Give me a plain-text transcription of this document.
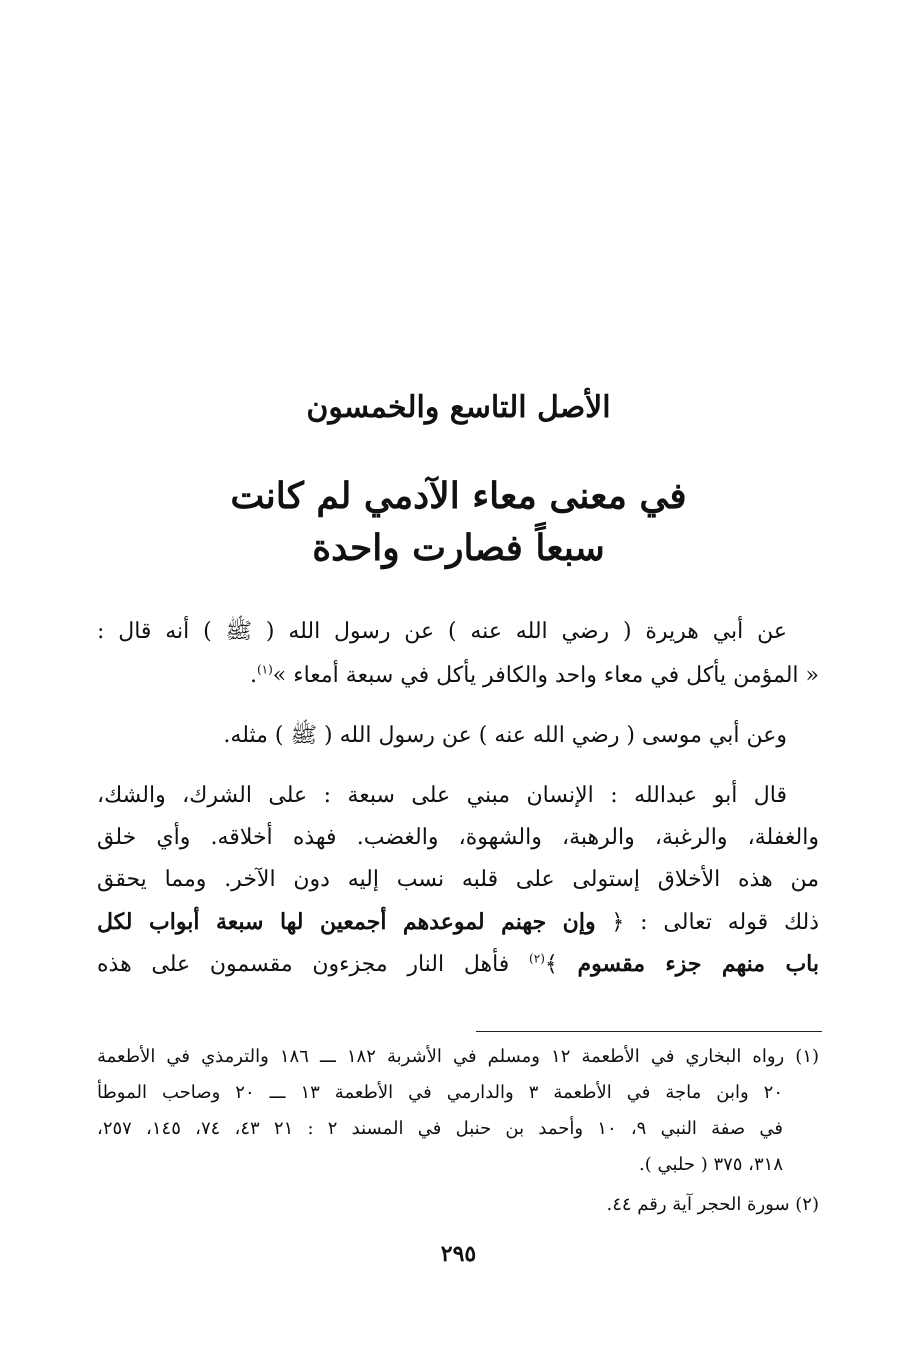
الأصل التاسع والخمسون
في معنى معاء الآدمي لم كانت
سبعاً فصارت واحدة
عن أبي هريرة ( رضي الله عنه ) عن رسول الله ( ﷺ ) أنه قال :
« المؤمن يأكل في معاء واحد والكافر يأكل في سبعة أمعاء »$^{(١)}$.
وعن أبي موسى ( رضي الله عنه ) عن رسول الله ( ﷺ ) مثله.
قال أبو عبدالله : الإنسان مبني على سبعة : على الشرك، والشك،
والغفلة، والرغبة، والرهبة، والشهوة، والغضب. فهذه أخلاقه. وأي خلق
من هذه الأخلاق إستولى على قلبه نسب إليه دون الآخر. ومما يحقق
ذلك قوله تعالى : ﴿ وإن جهنم لموعدهم أجمعين لها سبعة أبواب لكل
باب منهم جزء مقسوم ﴾$^{(٢)}$ فأهل النار مجزءون مقسمون على هذه
(١) رواه البخاري في الأطعمة ١٢ ومسلم في الأشربة ١٨٢ ـــ ١٨٦ والترمذي في الأطعمة
٢٠ وابن ماجة في الأطعمة ٣ والدارمي في الأطعمة ١٣ ـــ ٢٠ وصاحب الموطأ
في صفة النبي ٩، ١٠ وأحمد بن حنبل في المسند ٢ : ٢١ ٤٣، ٧٤، ١٤٥، ٢٥٧،
٣١٨، ٣٧٥ ( حلبي ).
(٢) سورة الحجر آية رقم ٤٤.
٢٩٥
